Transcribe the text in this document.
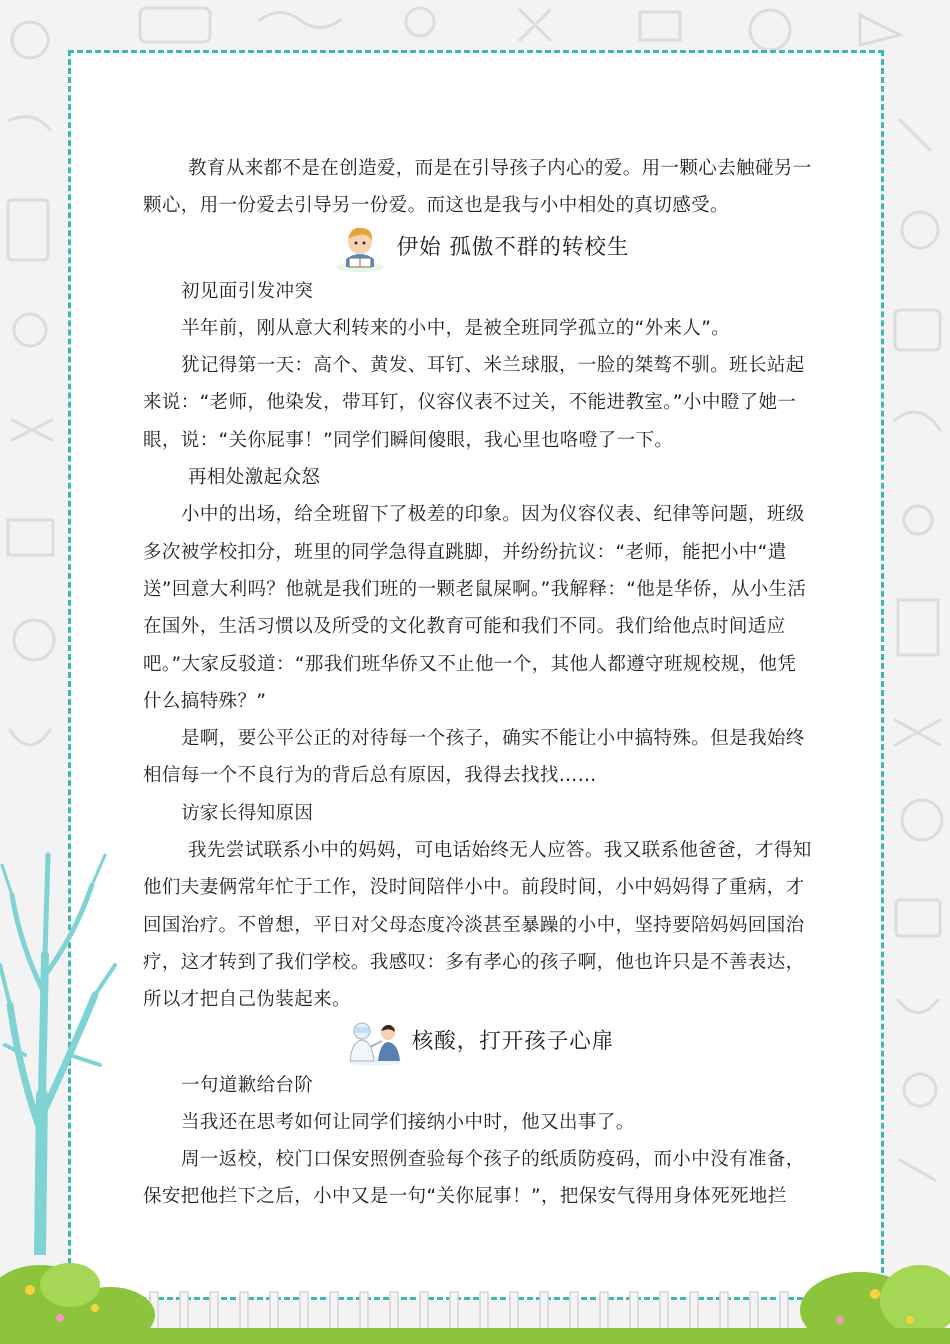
教育从来都不是在创造爱，而是在引导孩子内心的爱。用一颗心去触碰另一颗心，用一份爱去引导另一份爱。而这也是我与小中相处的真切感受。

伊始 孤傲不群的转校生

初见面引发冲突

半年前，刚从意大利转来的小中，是被全班同学孤立的“外来人”。

犹记得第一天：高个、黄发、耳钉、米兰球服，一脸的桀骜不驯。班长站起来说：“老师，他染发，带耳钉，仪容仪表不过关，不能进教室。”小中瞪了她一眼，说：“关你屁事！”同学们瞬间傻眼，我心里也咯噔了一下。

再相处激起众怒

小中的出场，给全班留下了极差的印象。因为仪容仪表、纪律等问题，班级多次被学校扣分，班里的同学急得直跳脚，并纷纷抗议：“老师，能把小中“遣送”回意大利吗？他就是我们班的一颗老鼠屎啊。”我解释：“他是华侨，从小生活在国外，生活习惯以及所受的文化教育可能和我们不同。我们给他点时间适应吧。”大家反驳道：“那我们班华侨又不止他一个，其他人都遵守班规校规，他凭什么搞特殊？”

是啊，要公平公正的对待每一个孩子，确实不能让小中搞特殊。但是我始终相信每一个不良行为的背后总有原因，我得去找找……

访家长得知原因

我先尝试联系小中的妈妈，可电话始终无人应答。我又联系他爸爸，才得知他们夫妻俩常年忙于工作，没时间陪伴小中。前段时间，小中妈妈得了重病，才回国治疗。不曾想，平日对父母态度冷淡甚至暴躁的小中，坚持要陪妈妈回国治疗，这才转到了我们学校。我感叹：多有孝心的孩子啊，他也许只是不善表达，所以才把自己伪装起来。

核酸，打开孩子心扉

一句道歉给台阶

当我还在思考如何让同学们接纳小中时，他又出事了。

周一返校，校门口保安照例查验每个孩子的纸质防疫码，而小中没有准备，保安把他拦下之后，小中又是一句“关你屁事！”，把保安气得用身体死死地拦
